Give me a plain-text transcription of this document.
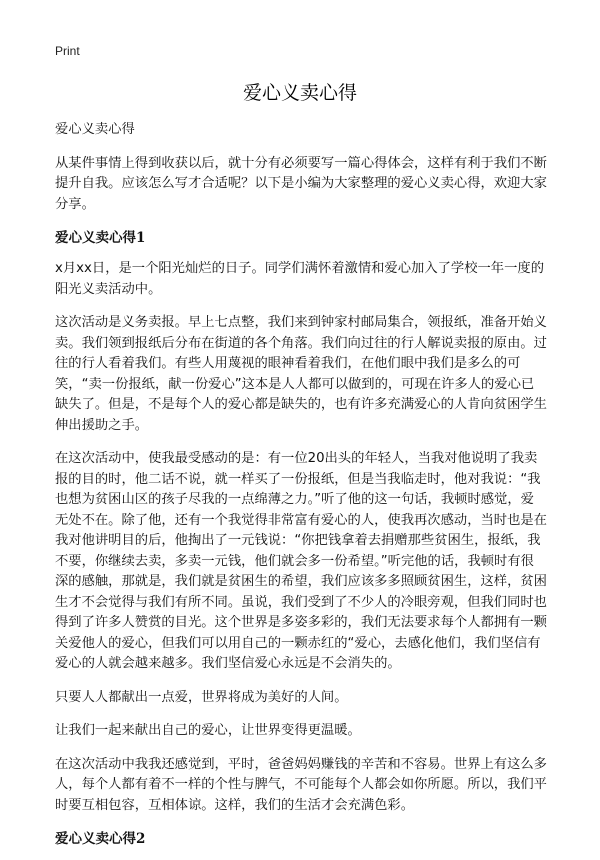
Print
爱心义卖心得

爱心义卖心得

从某件事情上得到收获以后，就十分有必须要写一篇心得体会，这样有利于我们不断提升自我。应该怎么写才合适呢？以下是小编为大家整理的爱心义卖心得，欢迎大家分享。

爱心义卖心得1

x月xx日，是一个阳光灿烂的日子。同学们满怀着激情和爱心加入了学校一年一度的阳光义卖活动中。

这次活动是义务卖报。早上七点整，我们来到钟家村邮局集合，领报纸，准备开始义卖。我们领到报纸后分布在街道的各个角落。我们向过往的行人解说卖报的原由。过往的行人看着我们。有些人用蔑视的眼神看着我们，在他们眼中我们是多么的可笑，“卖一份报纸，献一份爱心”这本是人人都可以做到的，可现在许多人的爱心已缺失了。但是，不是每个人的爱心都是缺失的，也有许多充满爱心的人肯向贫困学生伸出援助之手。

在这次活动中，使我最受感动的是：有一位20出头的年轻人，当我对他说明了我卖报的目的时，他二话不说，就一样买了一份报纸，但是当我临走时，他对我说：“我也想为贫困山区的孩子尽我的一点绵薄之力。”听了他的这一句话，我顿时感觉，爱无处不在。除了他，还有一个我觉得非常富有爱心的人，使我再次感动，当时也是在我对他讲明目的后，他掏出了一元钱说：“你把钱拿着去捐赠那些贫困生，报纸，我不要，你继续去卖，多卖一元钱，他们就会多一份希望。”听完他的话，我顿时有很深的感触，那就是，我们就是贫困生的希望，我们应该多多照顾贫困生，这样，贫困生才不会觉得与我们有所不同。虽说，我们受到了不少人的冷眼旁观，但我们同时也得到了许多人赞赏的目光。这个世界是多姿多彩的，我们无法要求每个人都拥有一颗关爱他人的爱心，但我们可以用自己的一颗赤红的“爱心，去感化他们，我们坚信有爱心的人就会越来越多。我们坚信爱心永远是不会消失的。

只要人人都献出一点爱，世界将成为美好的人间。

让我们一起来献出自己的爱心，让世界变得更温暖。

在这次活动中我我还感觉到，平时，爸爸妈妈赚钱的辛苦和不容易。世界上有这么多人，每个人都有着不一样的个性与脾气，不可能每个人都会如你所愿。所以，我们平时要互相包容，互相体谅。这样，我们的生活才会充满色彩。

爱心义卖心得2
